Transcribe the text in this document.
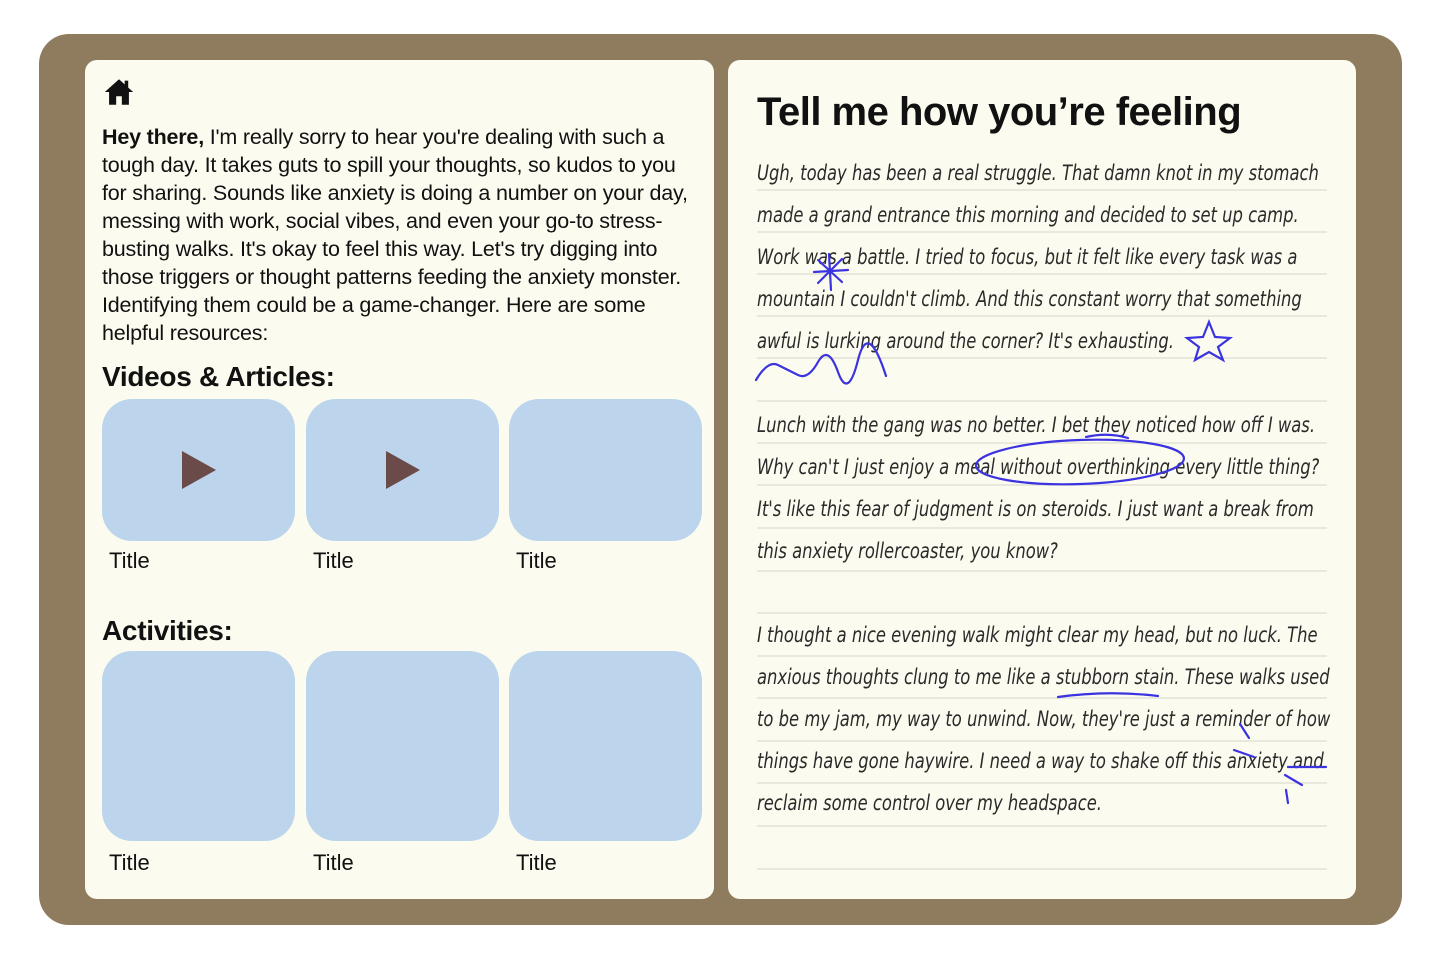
Hey there, I'm really sorry to hear you're dealing with such a tough day. It takes guts to spill your thoughts, so kudos to you for sharing. Sounds like anxiety is doing a number on your day, messing with work, social vibes, and even your go-to stress-busting walks. It's okay to feel this way. Let's try digging into those triggers or thought patterns feeding the anxiety monster. Identifying them could be a game-changer. Here are some helpful resources:

Videos & Articles:
Title	Title	Title
Activities:
Title	Title	Title
Tell me how you’re feeling
Ugh, today has been a real struggle. That damn knot in my stomach made a grand entrance this morning and decided to set up camp. Work was a battle. I tried to focus, but it felt like every task was a mountain I couldn't climb. And this constant worry that something awful is lurking around the corner? It's exhausting.
Lunch with the gang was no better. I bet they noticed how off I was. Why can't I just enjoy a meal without overthinking every little thing? It's like this fear of judgment is on steroids. I just want a break from this anxiety rollercoaster, you know?
I thought a nice evening walk might clear my head, but no luck. The anxious thoughts clung to me like a stubborn stain. These walks used to be my jam, my way to unwind. Now, they're just a reminder of how things have gone haywire. I need a way to shake off this anxiety and reclaim some control over my headspace.
